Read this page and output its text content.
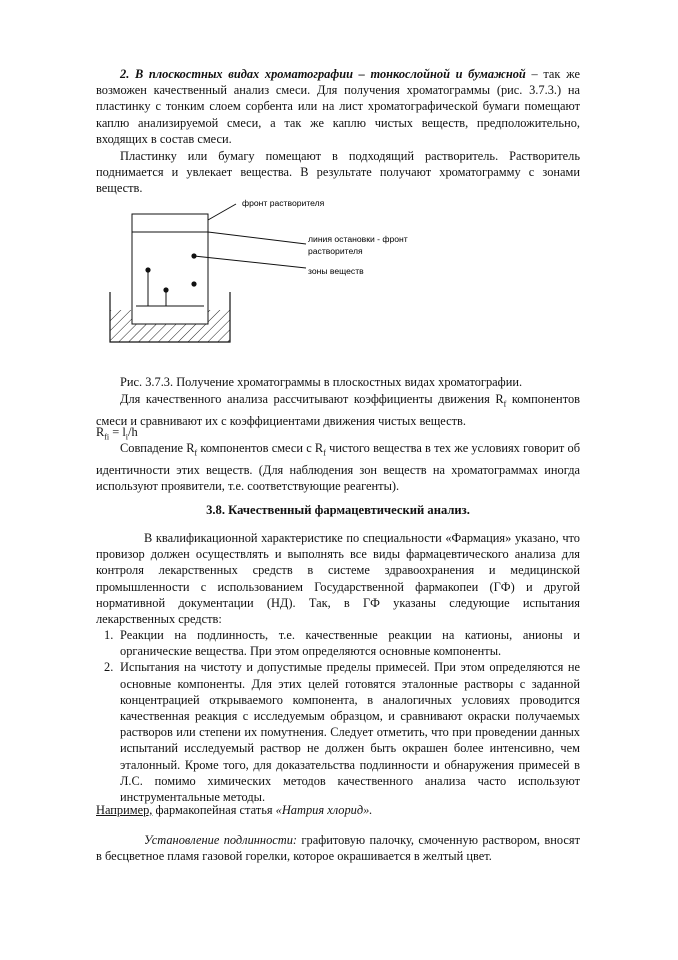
2. В плоскостных видах хроматографии – тонкослойной и бумажной – так же возможен качественный анализ смеси. Для получения хроматограммы (рис. 3.7.3.) на пластинку с тонким слоем сорбента или на лист хроматографической бумаги помещают каплю анализируемой смеси, а так же каплю чистых веществ, предположительно, входящих в состав смеси.

Пластинку или бумагу помещают в подходящий растворитель. Растворитель поднимается и увлекает вещества. В результате получают хроматограмму с зонами веществ.

фронт растворителя
линия остановки - фронт
растворителя
зоны веществ

Рис. 3.7.3. Получение хроматограммы в плоскостных видах хроматографии.

Для качественного анализа рассчитывают коэффициенты движения $R_f$ компонентов смеси и сравнивают их с коэффициентами движения чистых веществ.

$R_{fi} = l_i/h$

Совпадение $R_f$ компонентов смеси с $R_f$ чистого вещества в тех же условиях говорит об идентичности этих веществ. (Для наблюдения зон веществ на хроматограммах иногда используют проявители, т.е. соответствующие реагенты).

3.8. Качественный фармацевтический анализ.

В квалификационной характеристике по специальности «Фармация» указано, что провизор должен осуществлять и выполнять все виды фармацевтического анализа для контроля лекарственных средств в системе здравоохранения и медицинской промышленности с использованием Государственной фармакопеи (ГФ) и другой нормативной документации (НД). Так, в ГФ указаны следующие испытания лекарственных средств:

1. Реакции на подлинность, т.е. качественные реакции на катионы, анионы и органические вещества. При этом определяются основные компоненты.
2. Испытания на чистоту и допустимые пределы примесей. При этом определяются не основные компоненты. Для этих целей готовятся эталонные растворы с заданной концентрацией открываемого компонента, в аналогичных условиях проводится качественная реакция с исследуемым образцом, и сравнивают окраски получаемых растворов или степени их помутнения. Следует отметить, что при проведении данных испытаний исследуемый раствор не должен быть окрашен более интенсивно, чем эталонный. Кроме того, для доказательства подлинности и обнаружения примесей в Л.С. помимо химических методов качественного анализа часто используют инструментальные методы.

Например, фармакопейная статья «Натрия хлорид».

Установление подлинности: графитовую палочку, смоченную раствором, вносят в бесцветное пламя газовой горелки, которое окрашивается в желтый цвет.
